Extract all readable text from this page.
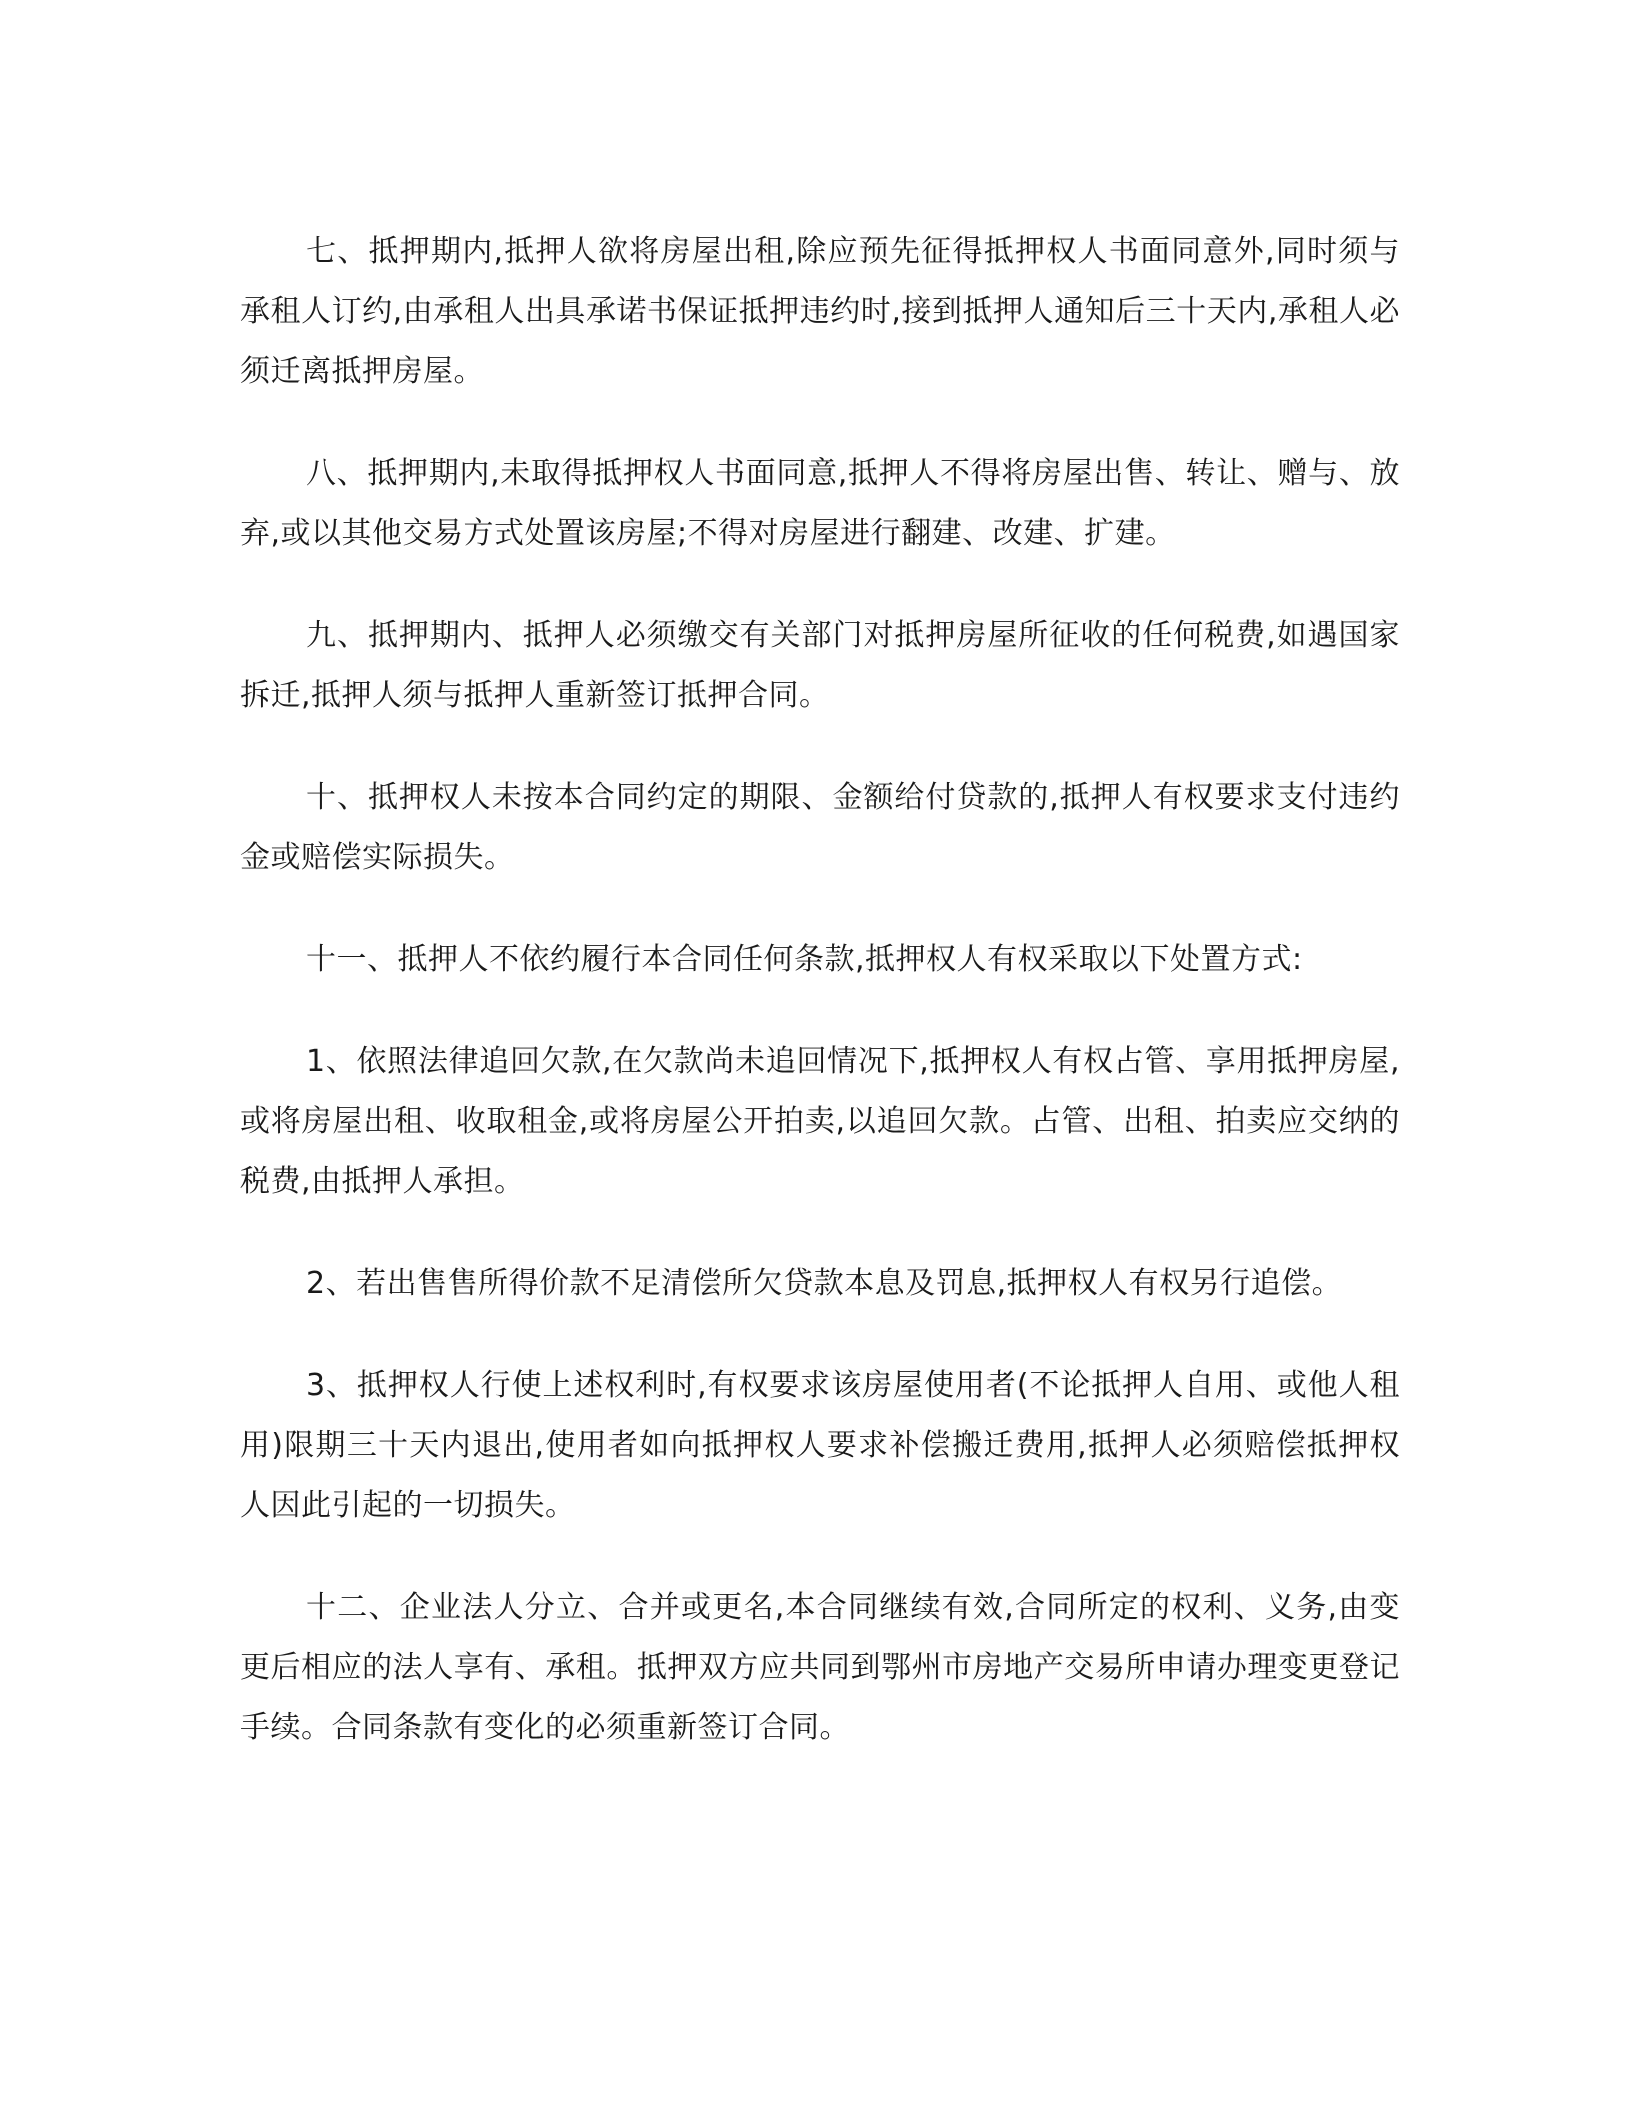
七、抵押期内,抵押人欲将房屋出租,除应预先征得抵押权人书面同意外,同时须与承租人订约,由承租人出具承诺书保证抵押违约时,接到抵押人通知后三十天内,承租人必须迁离抵押房屋。

八、抵押期内,未取得抵押权人书面同意,抵押人不得将房屋出售、转让、赠与、放弃,或以其他交易方式处置该房屋;不得对房屋进行翻建、改建、扩建。

九、抵押期内、抵押人必须缴交有关部门对抵押房屋所征收的任何税费,如遇国家拆迁,抵押人须与抵押人重新签订抵押合同。

十、抵押权人未按本合同约定的期限、金额给付贷款的,抵押人有权要求支付违约金或赔偿实际损失。

十一、抵押人不依约履行本合同任何条款,抵押权人有权采取以下处置方式:

1、依照法律追回欠款,在欠款尚未追回情况下,抵押权人有权占管、享用抵押房屋,或将房屋出租、收取租金,或将房屋公开拍卖,以追回欠款。占管、出租、拍卖应交纳的税费,由抵押人承担。

2、若出售售所得价款不足清偿所欠贷款本息及罚息,抵押权人有权另行追偿。

3、抵押权人行使上述权利时,有权要求该房屋使用者(不论抵押人自用、或他人租用)限期三十天内退出,使用者如向抵押权人要求补偿搬迁费用,抵押人必须赔偿抵押权人因此引起的一切损失。

十二、企业法人分立、合并或更名,本合同继续有效,合同所定的权利、义务,由变更后相应的法人享有、承租。抵押双方应共同到鄂州市房地产交易所申请办理变更登记手续。合同条款有变化的必须重新签订合同。
